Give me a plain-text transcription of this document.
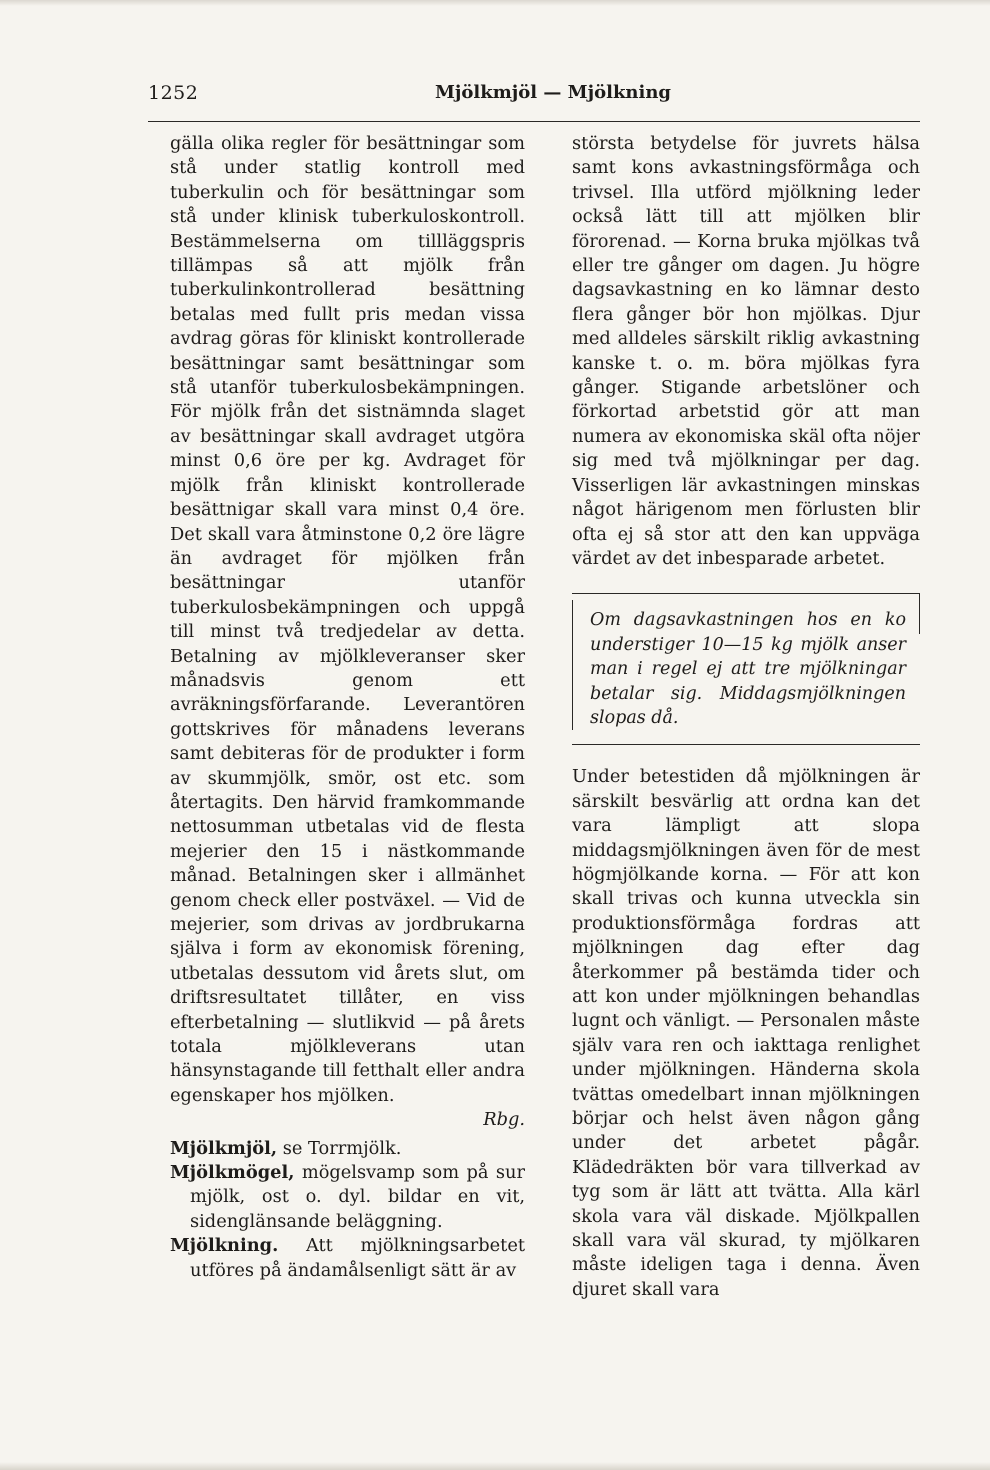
1252	Mjölkmjöl — Mjölkning

gälla olika regler för besättningar som stå under statlig kontroll med tuberkulin och för besättningar som stå under klinisk tuberkuloskontroll. Bestämmelserna om tillläggspris tillämpas så att mjölk från tuberkulinkontrollerad besättning betalas med fullt pris medan vissa avdrag göras för kliniskt kontrollerade besättningar samt besättningar som stå utanför tuberkulosbekämpningen. För mjölk från det sistnämnda slaget av besättningar skall avdraget utgöra minst 0,6 öre per kg. Avdraget för mjölk från kliniskt kontrollerade besättnigar skall vara minst 0,4 öre. Det skall vara åtminstone 0,2 öre lägre än avdraget för mjölken från besättningar utanför tuberkulosbekämpningen och uppgå till minst två tredjedelar av detta. Betalning av mjölkleveranser sker månadsvis genom ett avräkningsförfarande. Leverantören gottskrives för månadens leverans samt debiteras för de produkter i form av skummjölk, smör, ost etc. som återtagits. Den härvid framkommande nettosumman utbetalas vid de flesta mejerier den 15 i nästkommande månad. Betalningen sker i allmänhet genom check eller postväxel. — Vid de mejerier, som drivas av jordbrukarna själva i form av ekonomisk förening, utbetalas dessutom vid årets slut, om driftsresultatet tillåter, en viss efterbetalning — slutlikvid — på årets totala mjölkleverans utan hänsynstagande till fetthalt eller andra egenskaper hos mjölken.

Rbg.

Mjölkmjöl, se Torrmjölk.

Mjölkmögel, mögelsvamp som på sur mjölk, ost o. dyl. bildar en vit, sidenglänsande beläggning.

Mjölkning. Att mjölkningsarbetet utföres på ändamålsenligt sätt är av

största betydelse för juvrets hälsa samt kons avkastningsförmåga och trivsel. Illa utförd mjölkning leder också lätt till att mjölken blir förorenad. — Korna bruka mjölkas två eller tre gånger om dagen. Ju högre dagsavkastning en ko lämnar desto flera gånger bör hon mjölkas. Djur med alldeles särskilt riklig avkastning kanske t. o. m. böra mjölkas fyra gånger. Stigande arbetslöner och förkortad arbetstid gör att man numera av ekonomiska skäl ofta nöjer sig med två mjölkningar per dag. Visserligen lär avkastningen minskas något härigenom men förlusten blir ofta ej så stor att den kan uppväga värdet av det inbesparade arbetet.

Om dagsavkastningen hos en ko understiger 10—15 kg mjölk anser man i regel ej att tre mjölkningar betalar sig. Middagsmjölkningen slopas då.

Under betestiden då mjölkningen är särskilt besvärlig att ordna kan det vara lämpligt att slopa middagsmjölkningen även för de mest högmjölkande korna. — För att kon skall trivas och kunna utveckla sin produktionsförmåga fordras att mjölkningen dag efter dag återkommer på bestämda tider och att kon under mjölkningen behandlas lugnt och vänligt. — Personalen måste själv vara ren och iakttaga renlighet under mjölkningen. Händerna skola tvättas omedelbart innan mjölkningen börjar och helst även någon gång under det arbetet pågår. Klädedräkten bör vara tillverkad av tyg som är lätt att tvätta. Alla kärl skola vara väl diskade. Mjölkpallen skall vara väl skurad, ty mjölkaren måste ideligen taga i denna. Även djuret skall vara
